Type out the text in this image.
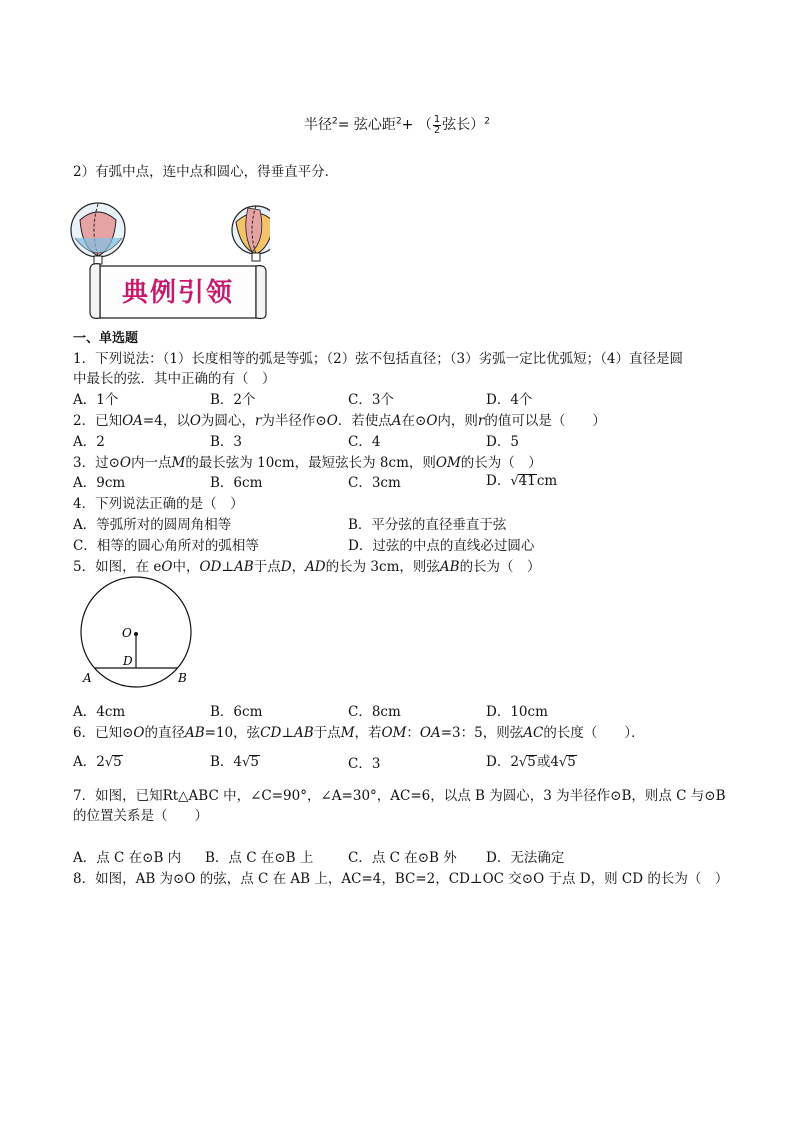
半径$^2$= 弦心距$^2$+ （ $\frac{1}{2}$ 弦长）$^2$
2）有弧中点，连中点和圆心，得垂直平分．
典例引领
一、单选题
1．下列说法：（1）长度相等的弧是等弧；（2）弦不包括直径；（3）劣弧一定比优弧短；（4）直径是圆
中最长的弦．其中正确的有（　）
A．1个	B．2个	C．3个	D．4个
2．已知OA=4，以O为圆心，r为半径作⊙O．若使点A在⊙O内，则r的值可以是（　　）
A．2	B．3	C．4	D．5
3．过⊙O内一点M的最长弦为 10cm，最短弦长为 8cm，则OM的长为（　）
A．9cm	B．6cm	C．3cm	D．√41cm
4．下列说法正确的是（　）
A．等弧所对的圆周角相等	B．平分弦的直径垂直于弦
C．相等的圆心角所对的弧相等	D．过弦的中点的直线必过圆心
5．如图，在 eO中，OD⊥AB于点D，AD的长为 3cm，则弦AB的长为（　）
O
D
A	B
A．4cm	B．6cm	C．8cm	D．10cm
6．已知⊙O的直径AB=10，弦CD⊥AB于点M，若OM：OA=3：5，则弦AC的长度（　　）．
A．2√5	B．4√5	C．3	D．2√5或4√5
7．如图，已知Rt△ABC 中，∠C=90°，∠A=30°，AC=6，以点 B 为圆心，3 为半径作⊙B，则点 C 与⊙B
的位置关系是（　　）
A．点 C 在⊙B 内 B．点 C 在⊙B 上	C．点 C 在⊙B 外 D．无法确定
8．如图，AB 为⊙O 的弦，点 C 在 AB 上，AC=4，BC=2，CD⊥OC 交⊙O 于点 D，则 CD 的长为（　）
